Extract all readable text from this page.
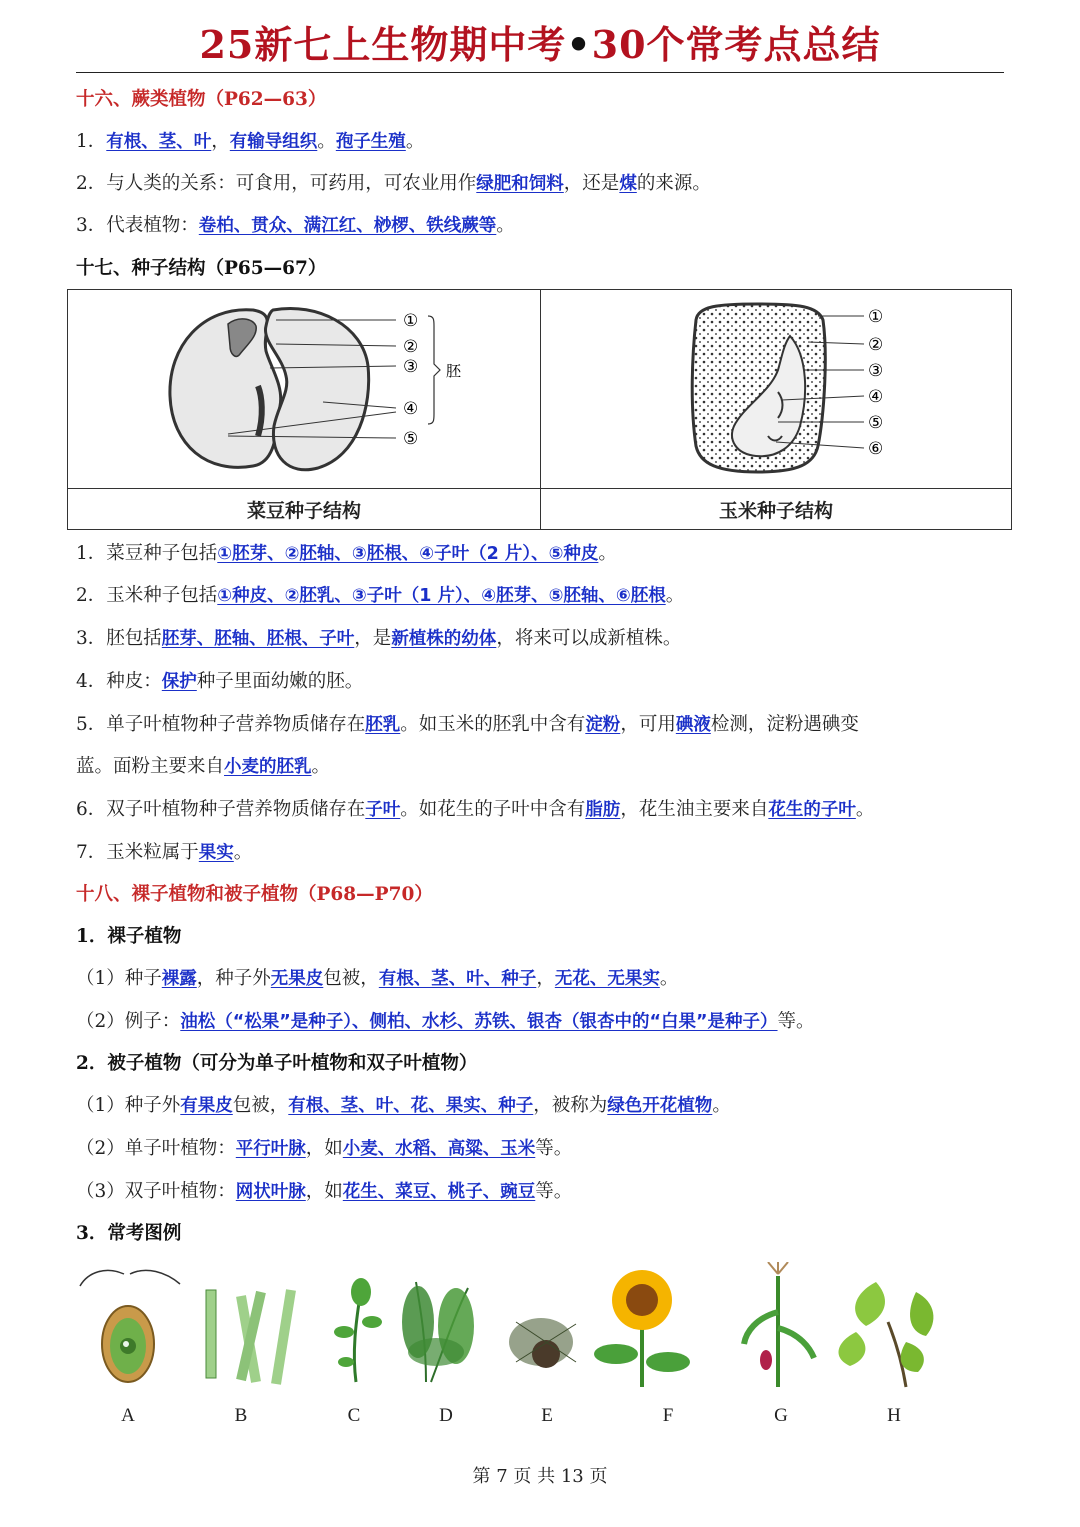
25新七上生物期中考•30个常考点总结
十六、蕨类植物（P62—63）
1．有根、茎、叶，有输导组织。孢子生殖。
2．与人类的关系：可食用，可药用，可农业用作绿肥和饲料，还是煤的来源。
3．代表植物：卷柏、贯众、满江红、桫椤、铁线蕨等。
十七、种子结构（P65—67）
①
②
③
④
⑤
胚
①
②
③
④
⑤
⑥
菜豆种子结构	玉米种子结构
1．菜豆种子包括①胚芽、②胚轴、③胚根、④子叶（2 片）、⑤种皮。
2．玉米种子包括①种皮、②胚乳、③子叶（1 片）、④胚芽、⑤胚轴、⑥胚根。
3．胚包括胚芽、胚轴、胚根、子叶，是新植株的幼体，将来可以成新植株。
4．种皮：保护种子里面幼嫩的胚。
5．单子叶植物种子营养物质储存在胚乳。如玉米的胚乳中含有淀粉，可用碘液检测，淀粉遇碘变
蓝。面粉主要来自小麦的胚乳。
6．双子叶植物种子营养物质储存在子叶。如花生的子叶中含有脂肪，花生油主要来自花生的子叶。
7．玉米粒属于果实。
十八、裸子植物和被子植物（P68—P70）
1．裸子植物
（1）种子裸露，种子外无果皮包被，有根、茎、叶、种子，无花、无果实。
（2）例子：油松（“松果”是种子）、侧柏、水杉、苏铁、银杏（银杏中的“白果”是种子）等。
2．被子植物（可分为单子叶植物和双子叶植物）
（1）种子外有果皮包被，有根、茎、叶、花、果实、种子，被称为绿色开花植物。
（2）单子叶植物：平行叶脉，如小麦、水稻、高粱、玉米等。
（3）双子叶植物：网状叶脉，如花生、菜豆、桃子、豌豆等。
3．常考图例
A	B	C	D	E	F	G	H
第 7 页 共 13 页
